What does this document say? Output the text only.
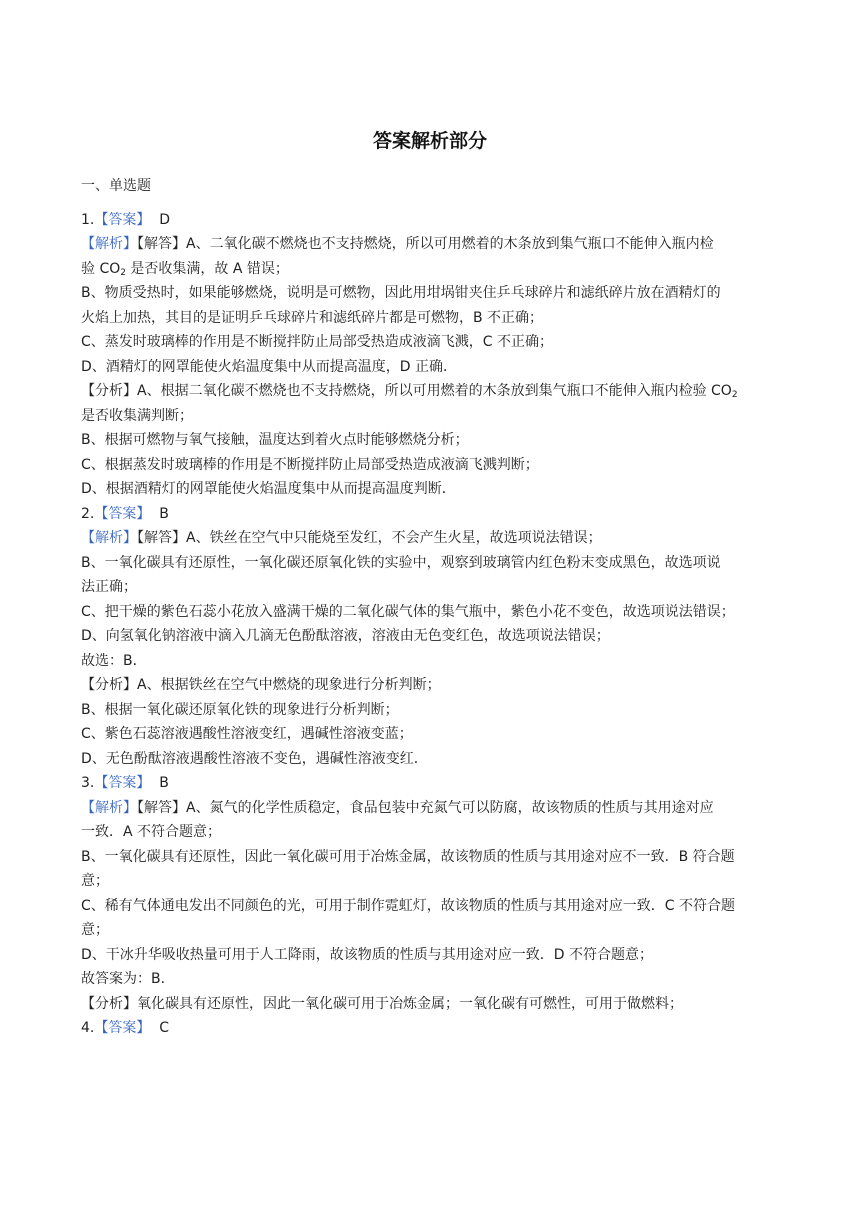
答案解析部分
一、单选题
1.【答案】 D
【解析】【解答】A、二氧化碳不燃烧也不支持燃烧，所以可用燃着的木条放到集气瓶口不能伸入瓶内检
验 $CO_2$ 是否收集满，故 A 错误；
B、物质受热时，如果能够燃烧，说明是可燃物，因此用坩埚钳夹住乒乓球碎片和滤纸碎片放在酒精灯的
火焰上加热，其目的是证明乒乓球碎片和滤纸碎片都是可燃物，B 不正确；
C、蒸发时玻璃棒的作用是不断搅拌防止局部受热造成液滴飞溅，C 不正确；
D、酒精灯的网罩能使火焰温度集中从而提高温度，D 正确．
【分析】A、根据二氧化碳不燃烧也不支持燃烧，所以可用燃着的木条放到集气瓶口不能伸入瓶内检验 $CO_2$
是否收集满判断；
B、根据可燃物与氧气接触，温度达到着火点时能够燃烧分析；
C、根据蒸发时玻璃棒的作用是不断搅拌防止局部受热造成液滴飞溅判断；
D、根据酒精灯的网罩能使火焰温度集中从而提高温度判断．
2.【答案】 B
【解析】【解答】A、铁丝在空气中只能烧至发红，不会产生火星，故选项说法错误；
B、一氧化碳具有还原性，一氧化碳还原氧化铁的实验中，观察到玻璃管内红色粉末变成黑色，故选项说
法正确；
C、把干燥的紫色石蕊小花放入盛满干燥的二氧化碳气体的集气瓶中，紫色小花不变色，故选项说法错误；
D、向氢氧化钠溶液中滴入几滴无色酚酞溶液，溶液由无色变红色，故选项说法错误；
故选：B．
【分析】A、根据铁丝在空气中燃烧的现象进行分析判断；
B、根据一氧化碳还原氧化铁的现象进行分析判断；
C、紫色石蕊溶液遇酸性溶液变红，遇碱性溶液变蓝；
D、无色酚酞溶液遇酸性溶液不变色，遇碱性溶液变红．
3.【答案】 B
【解析】【解答】A、氮气的化学性质稳定，食品包装中充氮气可以防腐，故该物质的性质与其用途对应
一致．A 不符合题意；
B、一氧化碳具有还原性，因此一氧化碳可用于冶炼金属，故该物质的性质与其用途对应不一致．B 符合题
意；
C、稀有气体通电发出不同颜色的光，可用于制作霓虹灯，故该物质的性质与其用途对应一致．C 不符合题
意；
D、干冰升华吸收热量可用于人工降雨，故该物质的性质与其用途对应一致．D 不符合题意；
故答案为：B．
【分析】氧化碳具有还原性，因此一氧化碳可用于冶炼金属；一氧化碳有可燃性，可用于做燃料；
4.【答案】 C
